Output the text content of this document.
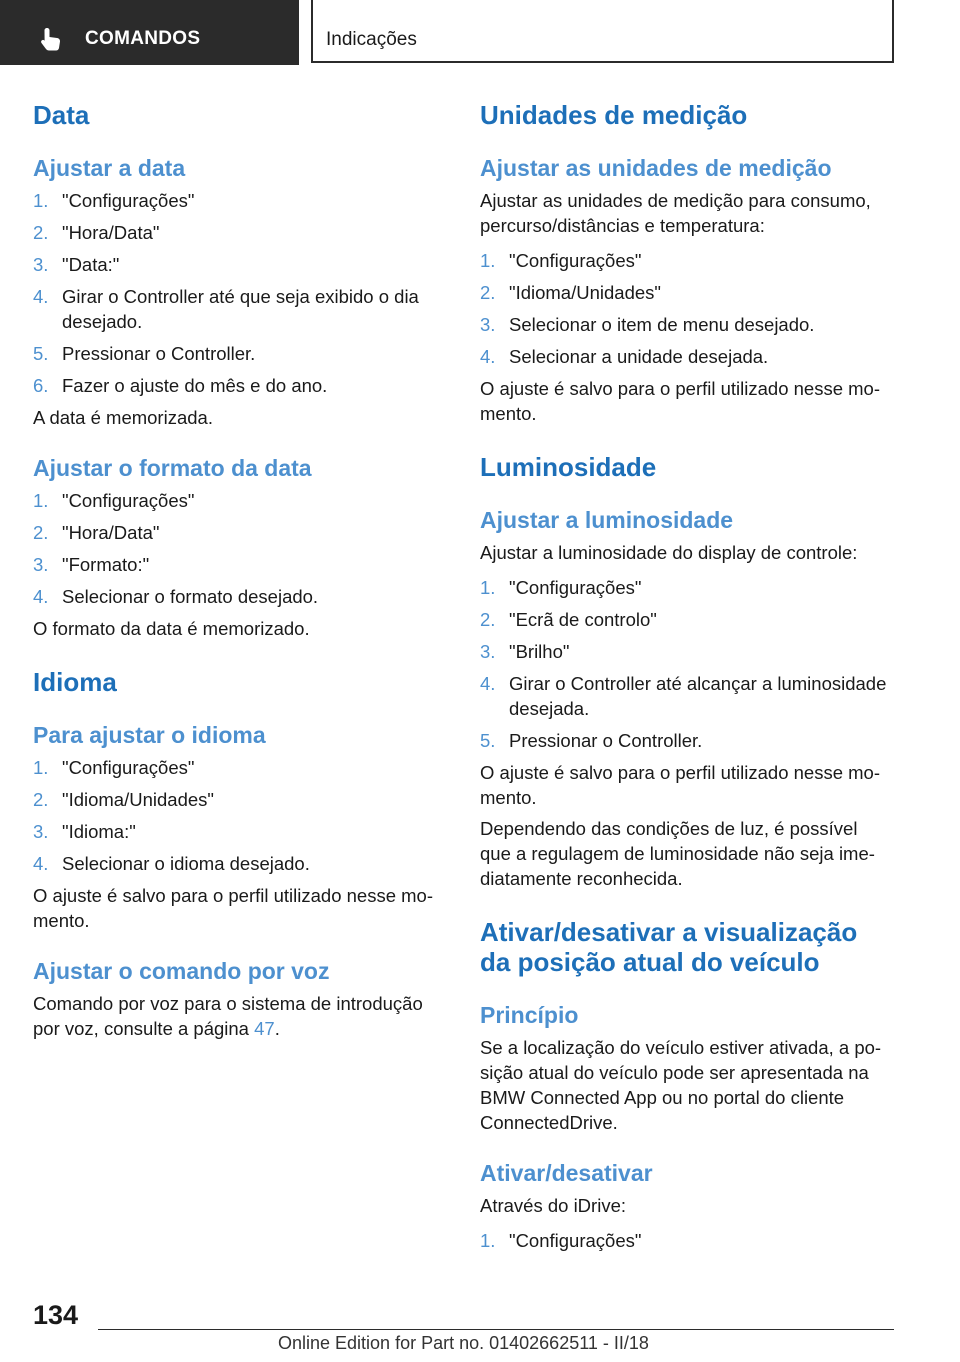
COMANDOS	Indicações
Data
Ajustar a data
1. "Configurações"
2. "Hora/Data"
3. "Data:"
4. Girar o Controller até que seja exibido o dia desejado.
5. Pressionar o Controller.
6. Fazer o ajuste do mês e do ano.

A data é memorizada.

Ajustar o formato da data
1. "Configurações"
2. "Hora/Data"
3. "Formato:"
4. Selecionar o formato desejado.

O formato da data é memorizado.

Idioma
Para ajustar o idioma
1. "Configurações"
2. "Idioma/Unidades"
3. "Idioma:"
4. Selecionar o idioma desejado.

O ajuste é salvo para o perfil utilizado nesse mo-mento.

Ajustar o comando por voz

Comando por voz para o sistema de introdução por voz, consulte a página 47.

Unidades de medição
Ajustar as unidades de medição

Ajustar as unidades de medição para consumo, percurso/distâncias e temperatura:

1. "Configurações"
2. "Idioma/Unidades"
3. Selecionar o item de menu desejado.
4. Selecionar a unidade desejada.

O ajuste é salvo para o perfil utilizado nesse mo-mento.

Luminosidade
Ajustar a luminosidade

Ajustar a luminosidade do display de controle:

1. "Configurações"
2. "Ecrã de controlo"
3. "Brilho"
4. Girar o Controller até alcançar a luminosidade desejada.
5. Pressionar o Controller.

O ajuste é salvo para o perfil utilizado nesse mo-mento.

Dependendo das condições de luz, é possível que a regulagem de luminosidade não seja ime-diatamente reconhecida.

Ativar/desativar a visualização da posição atual do veículo
Princípio

Se a localização do veículo estiver ativada, a po-sição atual do veículo pode ser apresentada na BMW Connected App ou no portal do cliente ConnectedDrive.

Ativar/desativar

Através do iDrive:

1. "Configurações"
134
Online Edition for Part no. 01402662511 - II/18
